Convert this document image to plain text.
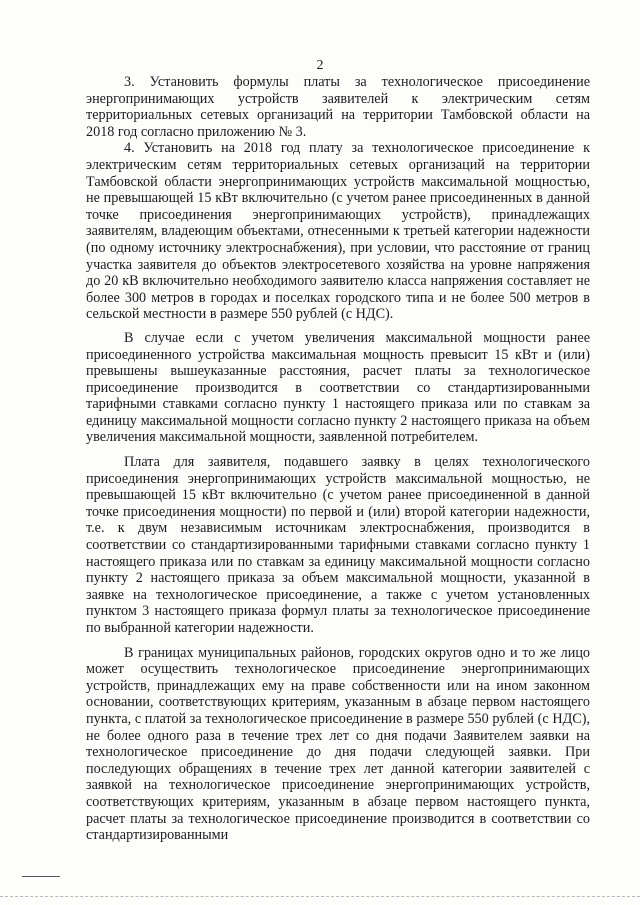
2

3. Установить формулы платы за технологическое присоединение энергопринимающих устройств заявителей к электрическим сетям территориальных сетевых организаций на территории Тамбовской области на 2018 год согласно приложению № 3.

4. Установить на 2018 год плату за технологическое присоединение к электрическим сетям территориальных сетевых организаций на территории Тамбовской области энергопринимающих устройств максимальной мощностью, не превышающей 15 кВт включительно (с учетом ранее присоединенных в данной точке присоединения энергопринимающих устройств), принадлежащих заявителям, владеющим объектами, отнесенными к третьей категории надежности (по одному источнику электроснабжения), при условии, что расстояние от границ участка заявителя до объектов электросетевого хозяйства на уровне напряжения до 20 кВ включительно необходимого заявителю класса напряжения составляет не более 300 метров в городах и поселках городского типа и не более 500 метров в сельской местности в размере 550 рублей (с НДС).

В случае если с учетом увеличения максимальной мощности ранее присоединенного устройства максимальная мощность превысит 15 кВт и (или) превышены вышеуказанные расстояния, расчет платы за технологическое присоединение производится в соответствии со стандартизированными тарифными ставками согласно пункту 1 настоящего приказа или по ставкам за единицу максимальной мощности согласно пункту 2 настоящего приказа на объем увеличения максимальной мощности, заявленной потребителем.

Плата для заявителя, подавшего заявку в целях технологического присоединения энергопринимающих устройств максимальной мощностью, не превышающей 15 кВт включительно (с учетом ранее присоединенной в данной точке присоединения мощности) по первой и (или) второй категории надежности, т.е. к двум независимым источникам электроснабжения, производится в соответствии со стандартизированными тарифными ставками согласно пункту 1 настоящего приказа или по ставкам за единицу максимальной мощности согласно пункту 2 настоящего приказа за объем максимальной мощности, указанной в заявке на технологическое присоединение, а также с учетом установленных пунктом 3 настоящего приказа формул платы за технологическое присоединение по выбранной категории надежности.

В границах муниципальных районов, городских округов одно и то же лицо может осуществить технологическое присоединение энергопринимающих устройств, принадлежащих ему на праве собственности или на ином законном основании, соответствующих критериям, указанным в абзаце первом настоящего пункта, с платой за технологическое присоединение в размере 550 рублей (с НДС), не более одного раза в течение трех лет со дня подачи Заявителем заявки на технологическое присоединение до дня подачи следующей заявки. При последующих обращениях в течение трех лет данной категории заявителей с заявкой на технологическое присоединение энергопринимающих устройств, соответствующих критериям, указанным в абзаце первом настоящего пункта, расчет платы за технологическое присоединение производится в соответствии со стандартизированными
